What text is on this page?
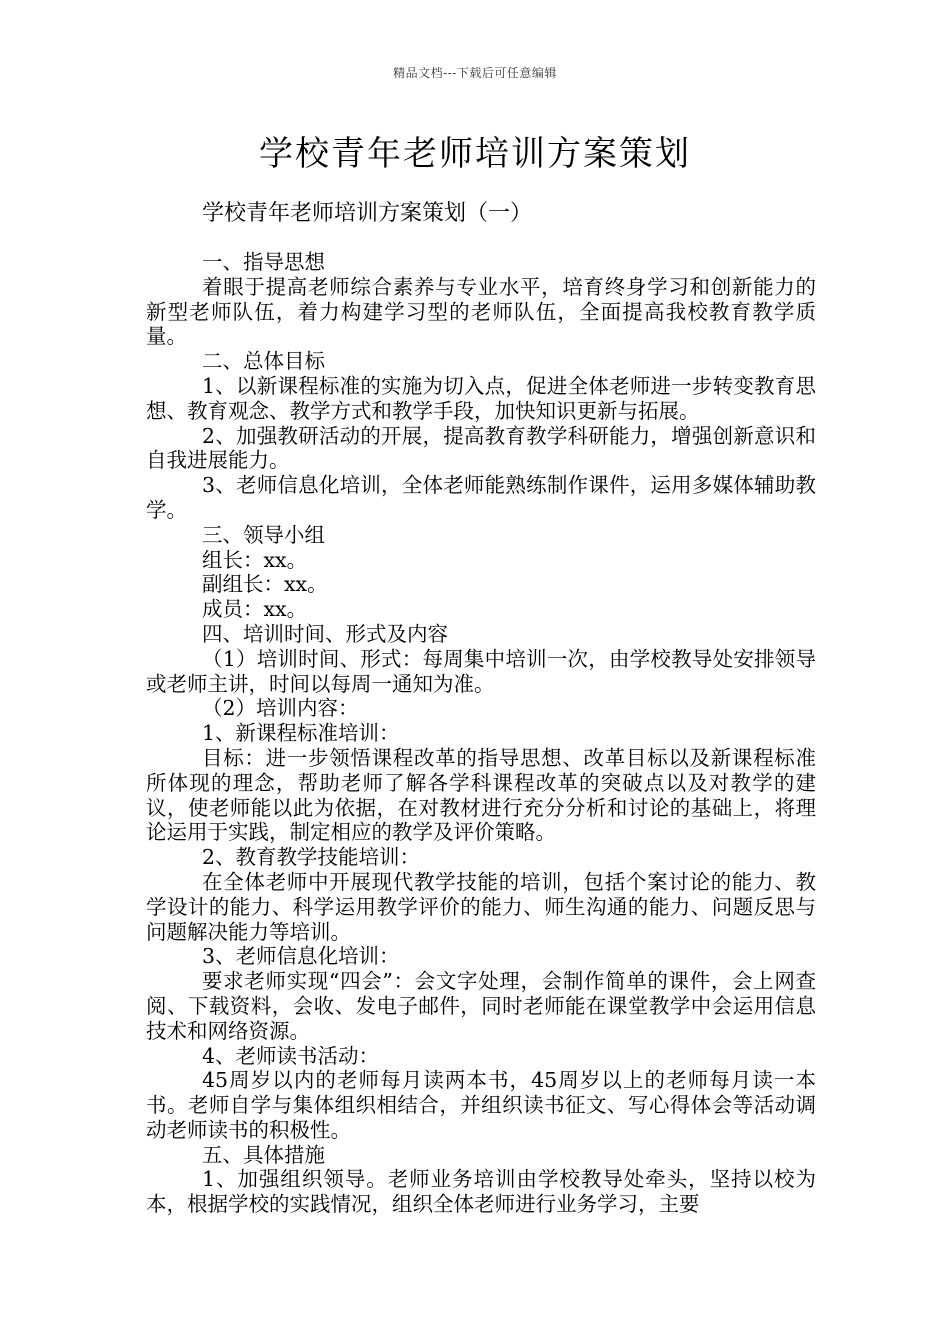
精品文档---下载后可任意编辑
学校青年老师培训方案策划

学校青年老师培训方案策划（一）

一、指导思想

着眼于提高老师综合素养与专业水平，培育终身学习和创新能力的新型老师队伍，着力构建学习型的老师队伍，全面提高我校教育教学质量。

二、总体目标

1、以新课程标准的实施为切入点，促进全体老师进一步转变教育思想、教育观念、教学方式和教学手段，加快知识更新与拓展。

2、加强教研活动的开展，提高教育教学科研能力，增强创新意识和自我进展能力。

3、老师信息化培训，全体老师能熟练制作课件，运用多媒体辅助教学。

三、领导小组

组长：xx。

副组长：xx。

成员：xx。

四、培训时间、形式及内容

（1）培训时间、形式：每周集中培训一次，由学校教导处安排领导或老师主讲，时间以每周一通知为准。

（2）培训内容：

1、新课程标准培训：

目标：进一步领悟课程改革的指导思想、改革目标以及新课程标准所体现的理念，帮助老师了解各学科课程改革的突破点以及对教学的建议，使老师能以此为依据，在对教材进行充分分析和讨论的基础上，将理论运用于实践，制定相应的教学及评价策略。

2、教育教学技能培训：

在全体老师中开展现代教学技能的培训，包括个案讨论的能力、教学设计的能力、科学运用教学评价的能力、师生沟通的能力、问题反思与问题解决能力等培训。

3、老师信息化培训：

要求老师实现“四会”：会文字处理，会制作简单的课件，会上网查阅、下载资料，会收、发电子邮件，同时老师能在课堂教学中会运用信息技术和网络资源。

4、老师读书活动：

45周岁以内的老师每月读两本书，45周岁以上的老师每月读一本书。老师自学与集体组织相结合，并组织读书征文、写心得体会等活动调动老师读书的积极性。

五、具体措施

1、加强组织领导。老师业务培训由学校教导处牵头，坚持以校为本，根据学校的实践情况，组织全体老师进行业务学习，主要
